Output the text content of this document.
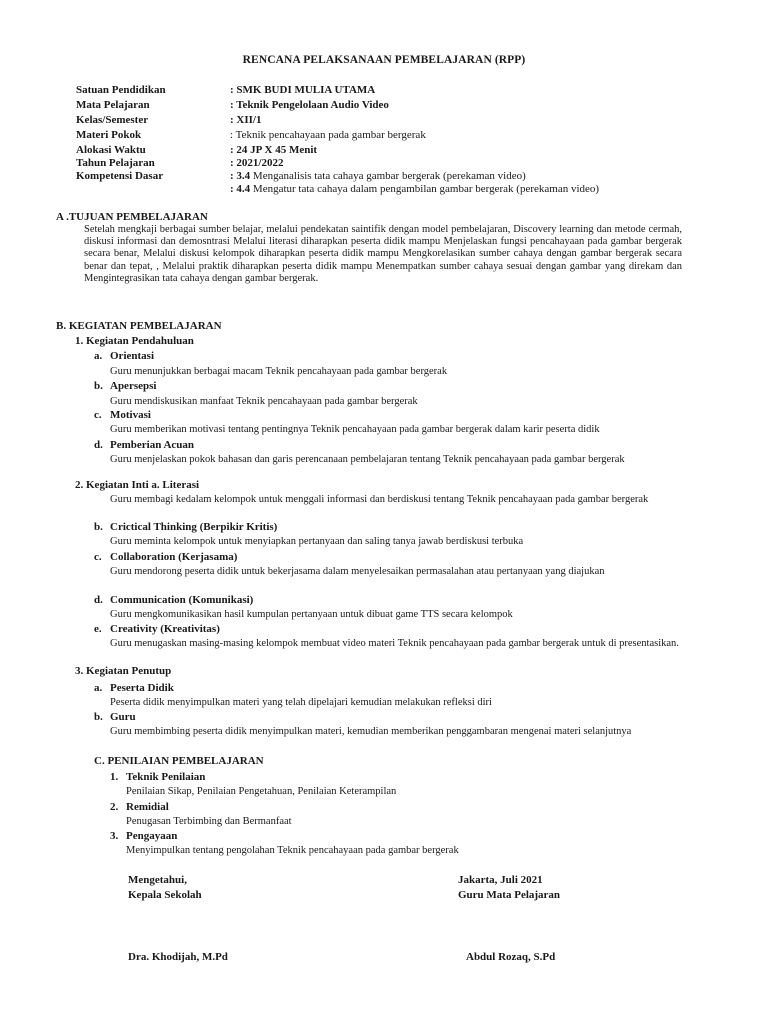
RENCANA PELAKSANAAN PEMBELAJARAN (RPP)
Satuan Pendidikan	: SMK BUDI MULIA UTAMA
Mata Pelajaran	: Teknik Pengelolaan Audio Video
Kelas/Semester	: XII/1
Materi Pokok	: Teknik pencahayaan pada gambar bergerak
Alokasi Waktu	: 24 JP X 45 Menit
Tahun Pelajaran	: 2021/2022
Kompetensi Dasar	: 3.4 Menganalisis tata cahaya gambar bergerak (perekaman video)
: 4.4 Mengatur tata cahaya dalam pengambilan gambar bergerak (perekaman video)
A .TUJUAN PEMBELAJARAN

Setelah mengkaji berbagai sumber belajar, melalui pendekatan saintifik dengan model pembelajaran, Discovery learning dan metode cermah, diskusi informasi dan demosntrasi Melalui literasi diharapkan peserta didik mampu Menjelaskan fungsi pencahayaan pada gambar bergerak secara benar, Melalui diskusi kelompok diharapkan peserta didik mampu Mengkorelasikan sumber cahaya dengan gambar bergerak secara benar dan tepat, , Melalui praktik diharapkan peserta didik mampu Menempatkan sumber cahaya sesuai dengan gambar yang direkam dan Mengintegrasikan tata cahaya dengan gambar bergerak.

B. KEGIATAN PEMBELAJARAN
1. Kegiatan Pendahuluan
a. Orientasi
Guru menunjukkan berbagai macam Teknik pencahayaan pada gambar bergerak
b. Apersepsi
Guru mendiskusikan manfaat Teknik pencahayaan pada gambar bergerak
c. Motivasi
Guru memberikan motivasi tentang pentingnya Teknik pencahayaan pada gambar bergerak dalam karir peserta didik
d. Pemberian Acuan
Guru menjelaskan pokok bahasan dan garis perencanaan pembelajaran tentang Teknik pencahayaan pada gambar bergerak
2. Kegiatan Inti a. Literasi
Guru membagi kedalam kelompok untuk menggali informasi dan berdiskusi tentang Teknik pencahayaan pada gambar bergerak
b. Crictical Thinking (Berpikir Kritis)
Guru meminta kelompok untuk menyiapkan pertanyaan dan saling tanya jawab berdiskusi terbuka
c. Collaboration (Kerjasama)
Guru mendorong peserta didik untuk bekerjasama dalam menyelesaikan permasalahan atau pertanyaan yang diajukan
d. Communication (Komunikasi)
Guru mengkomunikasikan hasil kumpulan pertanyaan untuk dibuat game TTS secara kelompok
e. Creativity (Kreativitas)
Guru menugaskan masing-masing kelompok membuat video materi Teknik pencahayaan pada gambar bergerak untuk di presentasikan.
3. Kegiatan Penutup
a. Peserta Didik
Peserta didik menyimpulkan materi yang telah dipelajari kemudian melakukan refleksi diri
b. Guru
Guru membimbing peserta didik menyimpulkan materi, kemudian memberikan penggambaran mengenai materi selanjutnya
C. PENILAIAN PEMBELAJARAN
1. Teknik Penilaian
Penilaian Sikap, Penilaian Pengetahuan, Penilaian Keterampilan
2. Remidial
Penugasan Terbimbing dan Bermanfaat
3. Pengayaan
Menyimpulkan tentang pengolahan Teknik pencahayaan pada gambar bergerak
Mengetahui,
Kepala Sekolah
Dra. Khodijah, M.Pd
Jakarta, Juli 2021
Guru Mata Pelajaran
Abdul Rozaq, S.Pd
